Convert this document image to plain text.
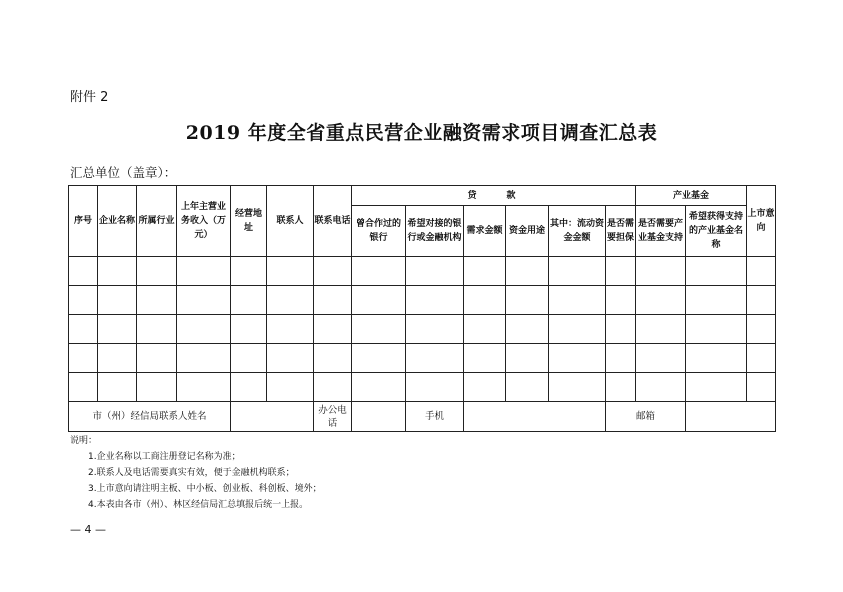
附件 2
2019 年度全省重点民营企业融资需求项目调查汇总表
汇总单位（盖章）：
序号	企业名称	所属行业	上年主营业务收入（万元）	经营地址	联系人	联系电话	贷　　款						产业基金		上市意向
							曾合作过的银行	希望对接的银行或金融机构	需求金额	资金用途	其中：流动资金金额	是否需要担保	是否需要产业基金支持	希望获得支持的产业基金名称	

市（州）经信局联系人姓名						办公电话		手机				邮箱			
说明：
1.企业名称以工商注册登记名称为准；
2.联系人及电话需要真实有效，便于金融机构联系；
3.上市意向请注明主板、中小板、创业板、科创板、境外；
4.本表由各市（州）、林区经信局汇总填报后统一上报。
— 4 —
